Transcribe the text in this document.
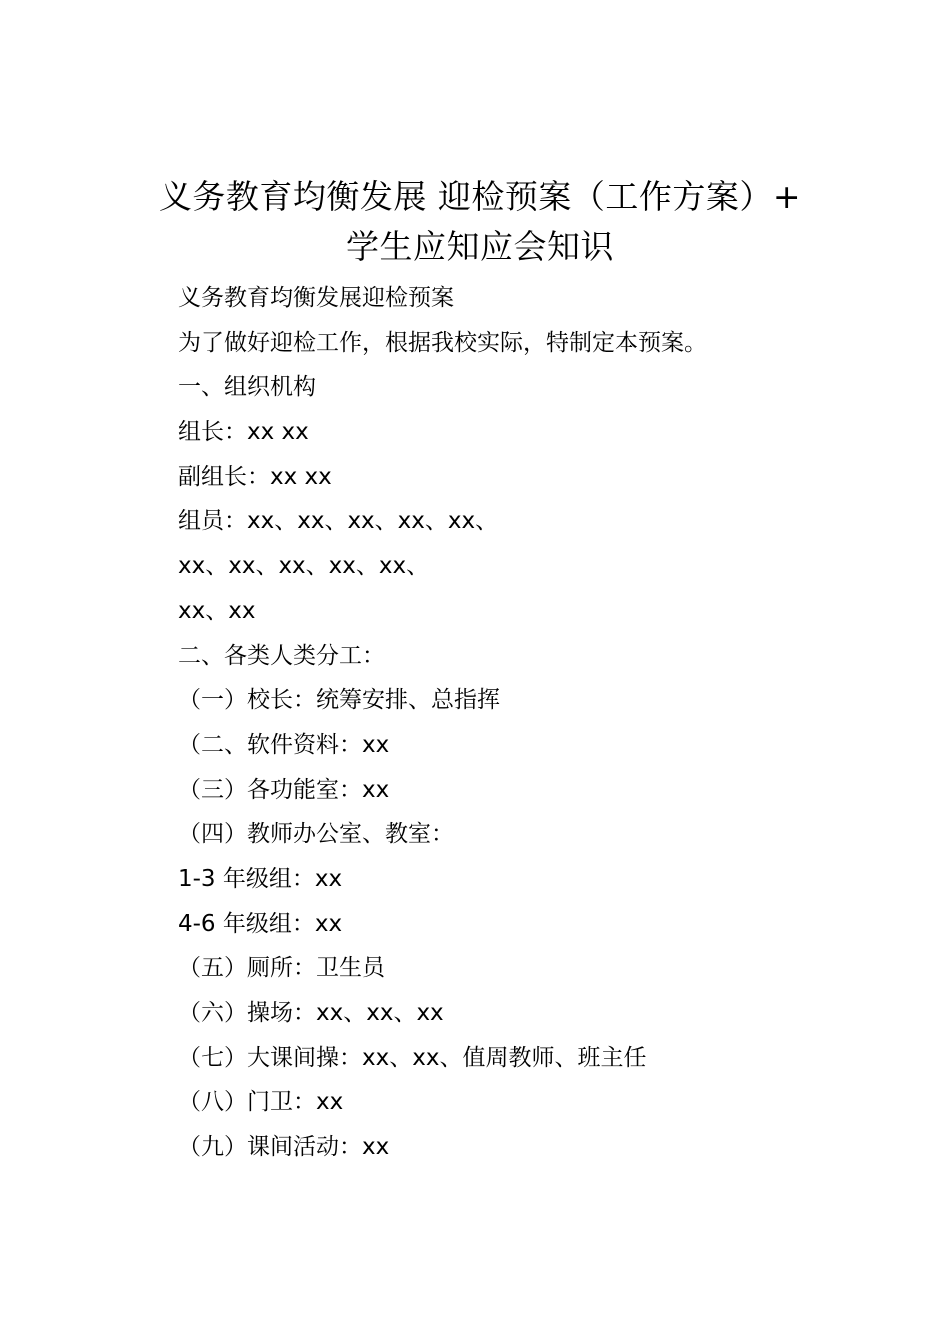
义务教育均衡发展 迎检预案（工作方案）+
学生应知应会知识
义务教育均衡发展迎检预案
为了做好迎检工作，根据我校实际，特制定本预案。
一、组织机构
组长：xx xx
副组长：xx xx
组员：xx、xx、xx、xx、xx、
xx、xx、xx、xx、xx、
xx、xx
二、各类人类分工：
（一）校长：统筹安排、总指挥
（二、软件资料：xx
（三）各功能室：xx
（四）教师办公室、教室：
1-3 年级组：xx
4-6 年级组：xx
（五）厕所：卫生员
（六）操场：xx、xx、xx
（七）大课间操：xx、xx、值周教师、班主任
（八）门卫：xx
（九）课间活动：xx
